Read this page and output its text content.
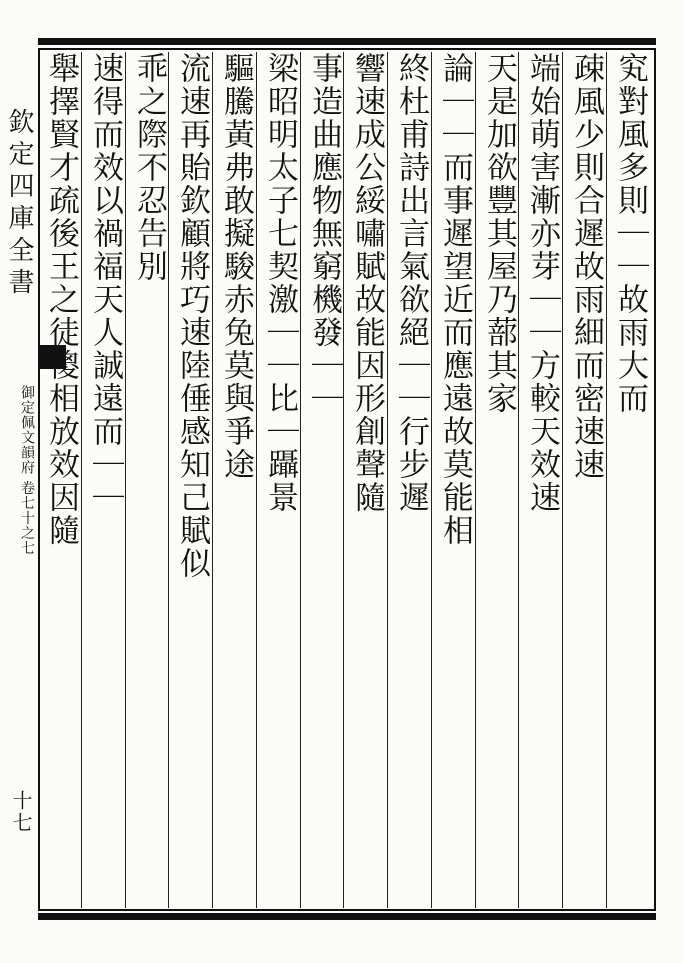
欽定四庫全書
御定佩文韻府 卷七十之七
十七
䆒對風多則｜｜故雨大而
疎風少則合遲故雨細而密速速
端始萌害漸亦芽｜｜方較天效速
天是加欲豐其屋乃蔀其家
論｜｜而事遲望近而應遠故莫能相
終杜甫詩出言氣欲絕｜｜行步遲
響速成公綏嘯賦故能因形創聲隨
事造曲應物無窮機發｜｜
梁昭明太子七契激｜｜比｜躡景
驅騰黃弗敢擬駿赤兔莫與爭途
流速再貽欽顧將巧速陸倕感知己賦似
乖之際不忍告別
速得而效以禍福天人誠遠而｜｜
舉擇賢才疏後王之徒傻相放效因隨
